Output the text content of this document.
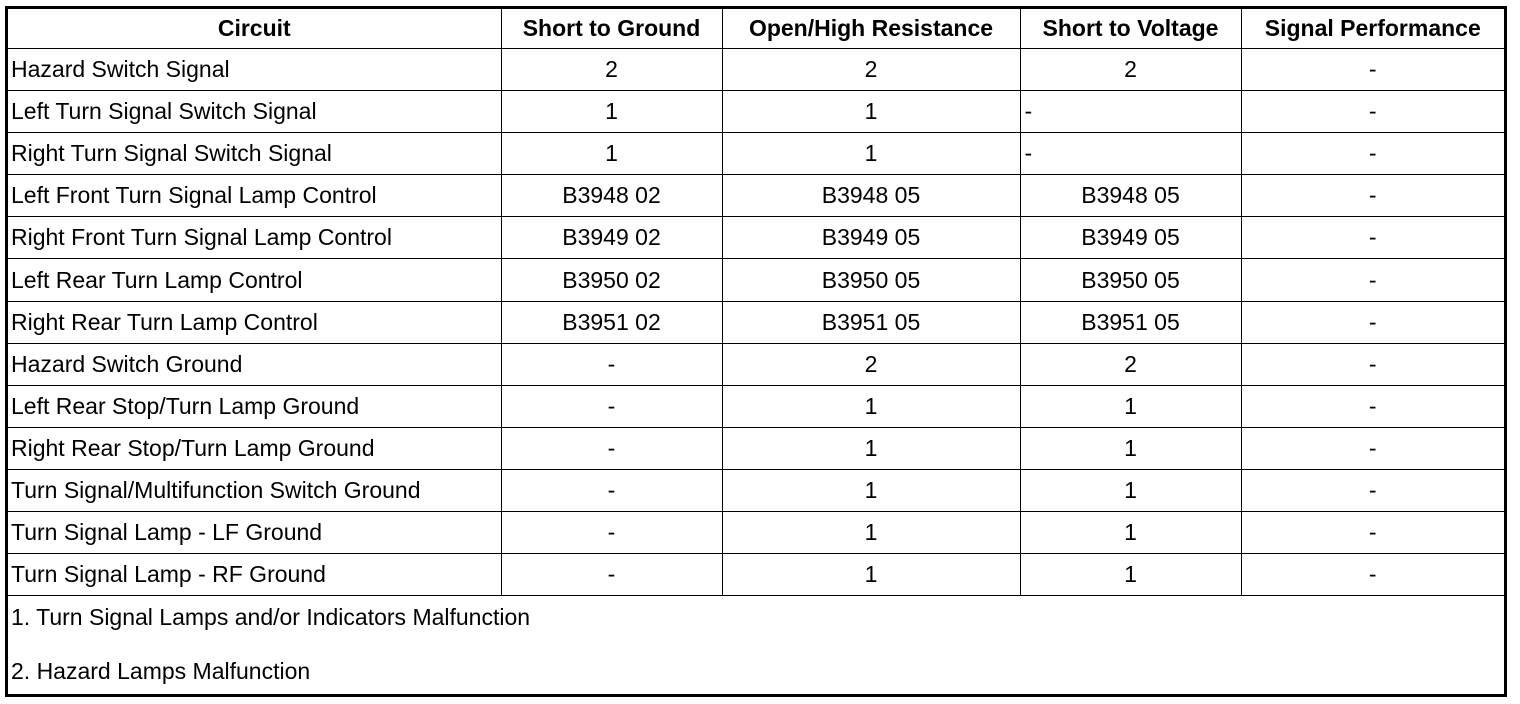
Circuit	Short to Ground	Open/High Resistance	Short to Voltage	Signal Performance
Hazard Switch Signal	2	2	2	-
Left Turn Signal Switch Signal	1	1	-	-
Right Turn Signal Switch Signal	1	1	-	-
Left Front Turn Signal Lamp Control	B3948 02	B3948 05	B3948 05	-
Right Front Turn Signal Lamp Control	B3949 02	B3949 05	B3949 05	-
Left Rear Turn Lamp Control	B3950 02	B3950 05	B3950 05	-
Right Rear Turn Lamp Control	B3951 02	B3951 05	B3951 05	-
Hazard Switch Ground	-	2	2	-
Left Rear Stop/Turn Lamp Ground	-	1	1	-
Right Rear Stop/Turn Lamp Ground	-	1	1	-
Turn Signal/Multifunction Switch Ground	-	1	1	-
Turn Signal Lamp - LF Ground	-	1	1	-
Turn Signal Lamp - RF Ground	-	1	1	-

1. Turn Signal Lamps and/or Indicators Malfunction
2. Hazard Lamps Malfunction				
